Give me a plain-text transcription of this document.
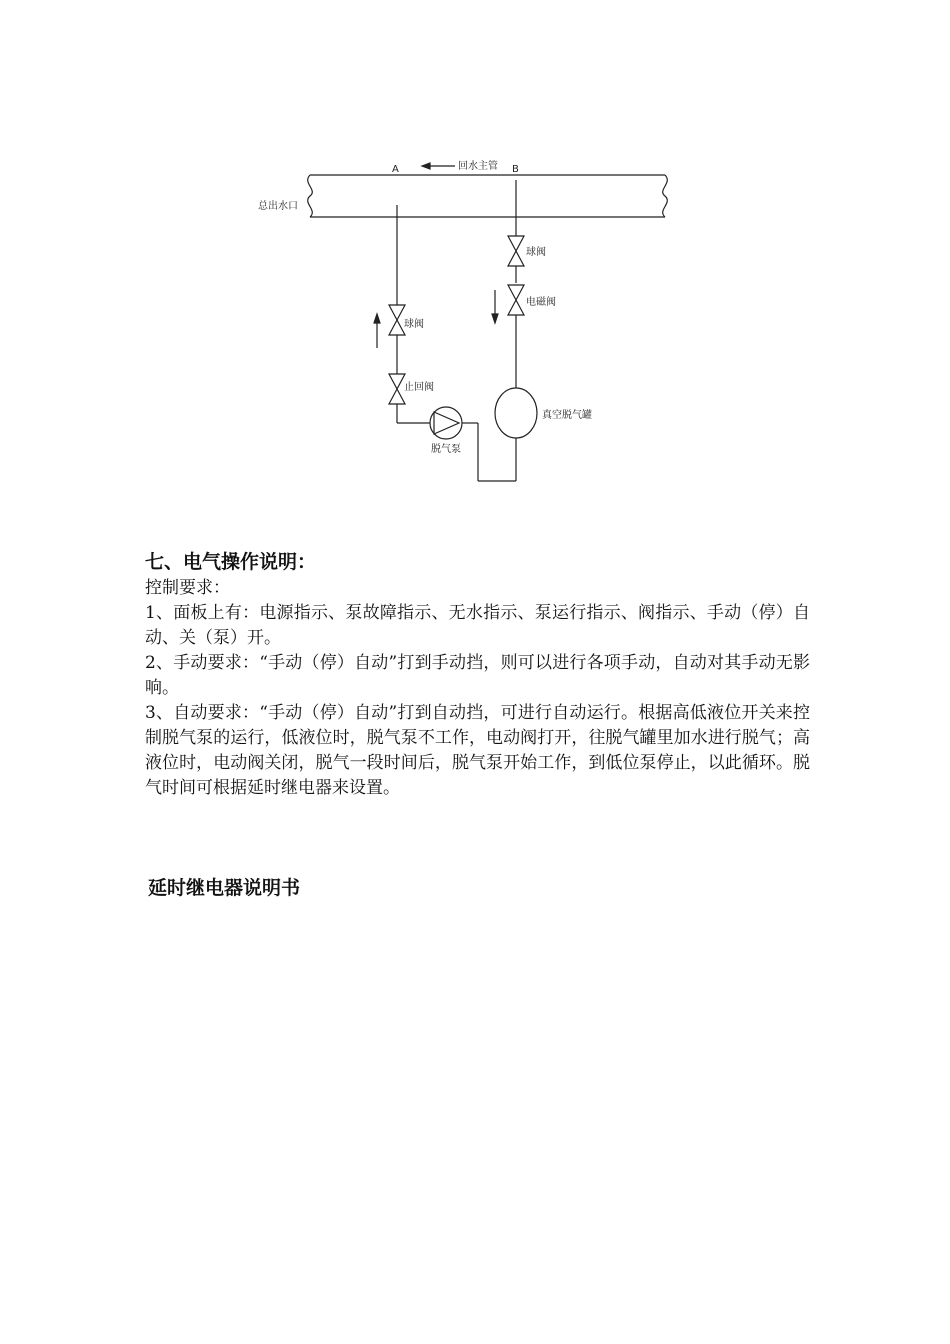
A	B
回水主管
总出水口
球阀
止回阀
脱气泵
球阀
电磁阀
真空脱气罐

七、电气操作说明：

控制要求：

1、面板上有：电源指示、泵故障指示、无水指示、泵运行指示、阀指示、手动（停）自动、关（泵）开。

2、手动要求：“手动（停）自动”打到手动挡，则可以进行各项手动，自动对其手动无影响。

3、自动要求：“手动（停）自动”打到自动挡，可进行自动运行。根据高低液位开关来控制脱气泵的运行，低液位时，脱气泵不工作，电动阀打开，往脱气罐里加水进行脱气；高液位时，电动阀关闭，脱气一段时间后，脱气泵开始工作，到低位泵停止，以此循环。脱气时间可根据延时继电器来设置。

延时继电器说明书
